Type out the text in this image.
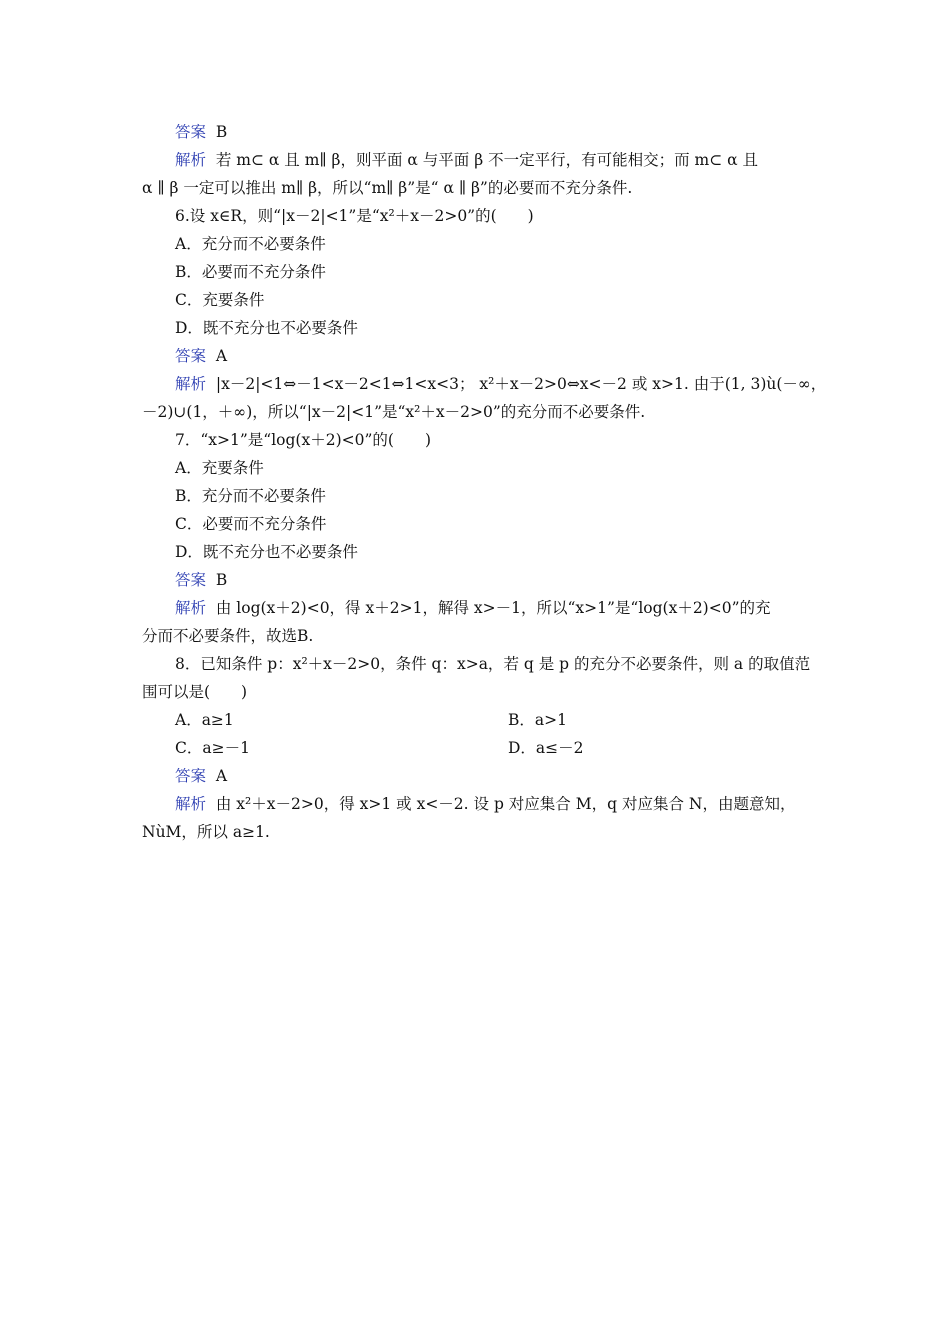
答案 B
解析 若 m⊂ α 且 m∥ β，则平面 α 与平面 β 不一定平行，有可能相交；而 m⊂ α 且
α ∥ β 一定可以推出 m∥ β，所以“m∥ β”是“ α ∥ β”的必要而不充分条件.
6.设 x∈R，则“|x－2|<1”是“x²＋x－2>0”的(　　)
A．充分而不必要条件
B．必要而不充分条件
C．充要条件
D．既不充分也不必要条件
答案 A
解析 |x－2|<1⇔－1<x－2<1⇔1<x<3； x²＋x－2>0⇔x<－2 或 x>1. 由于(1, 3)ù(－∞，
－2)∪(1，＋∞)，所以“|x－2|<1”是“x²＋x－2>0”的充分而不必要条件.
7．“x>1”是“log(x＋2)<0”的(　　)
A．充要条件
B．充分而不必要条件
C．必要而不充分条件
D．既不充分也不必要条件
答案 B
解析 由 log(x＋2)<0，得 x＋2>1，解得 x>－1，所以“x>1”是“log(x＋2)<0”的充
分而不必要条件，故选B.
8．已知条件 p：x²＋x－2>0，条件 q：x>a，若 q 是 p 的充分不必要条件，则 a 的取值范
围可以是(　　)
A．a≥1	B．a>1
C．a≥－1	D．a≤－2
答案 A
解析 由 x²＋x－2>0，得 x>1 或 x<－2. 设 p 对应集合 M，q 对应集合 N，由题意知，
NùM，所以 a≥1.
